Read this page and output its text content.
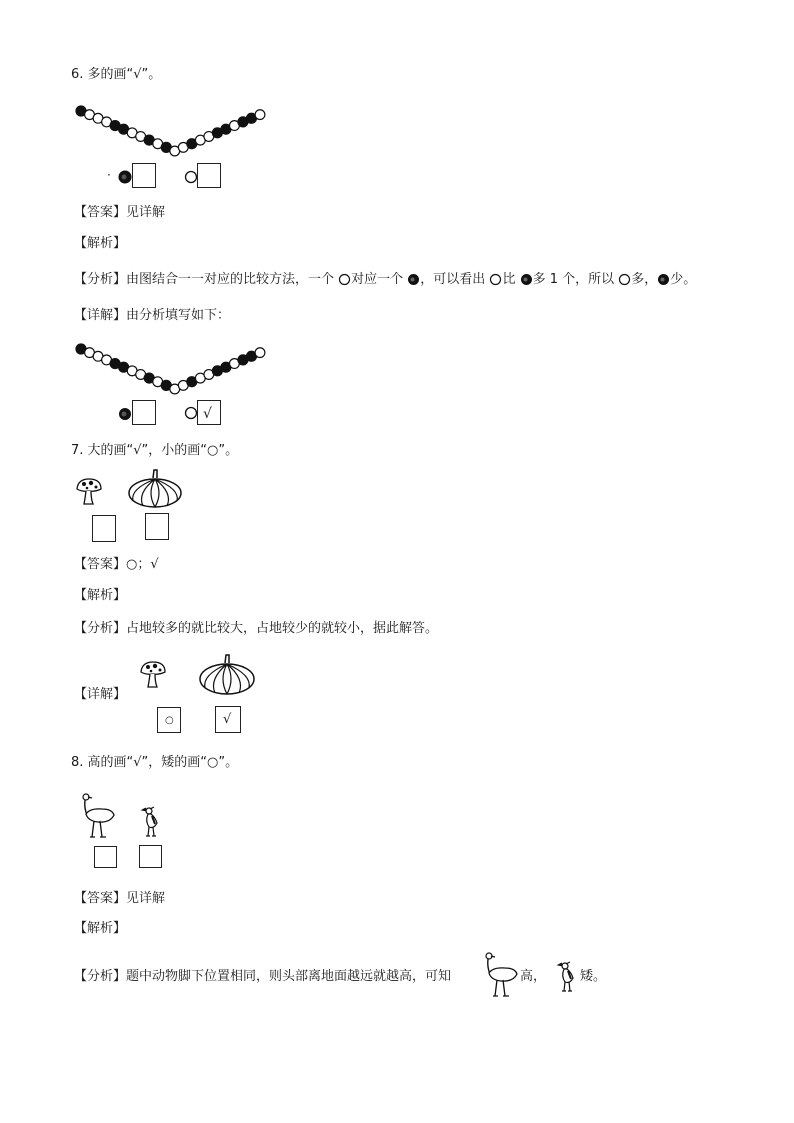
6. 多的画“√”。
·
【答案】见详解
【解析】
【分析】由图结合一一对应的比较方法，一个 对应一个 ，可以看出 比 多 1 个，所以 多， 少。
【详解】由分析填写如下：
√
7. 大的画“√”，小的画“○”。
【答案】○；√
【解析】
【分析】占地较多的就比较大，占地较少的就较小，据此解答。
【详解】
○	√
8. 高的画“√”，矮的画“○”。
【答案】见详解
【解析】
【分析】题中动物脚下位置相同，则头部离地面越远就越高，可知	高，	矮。
